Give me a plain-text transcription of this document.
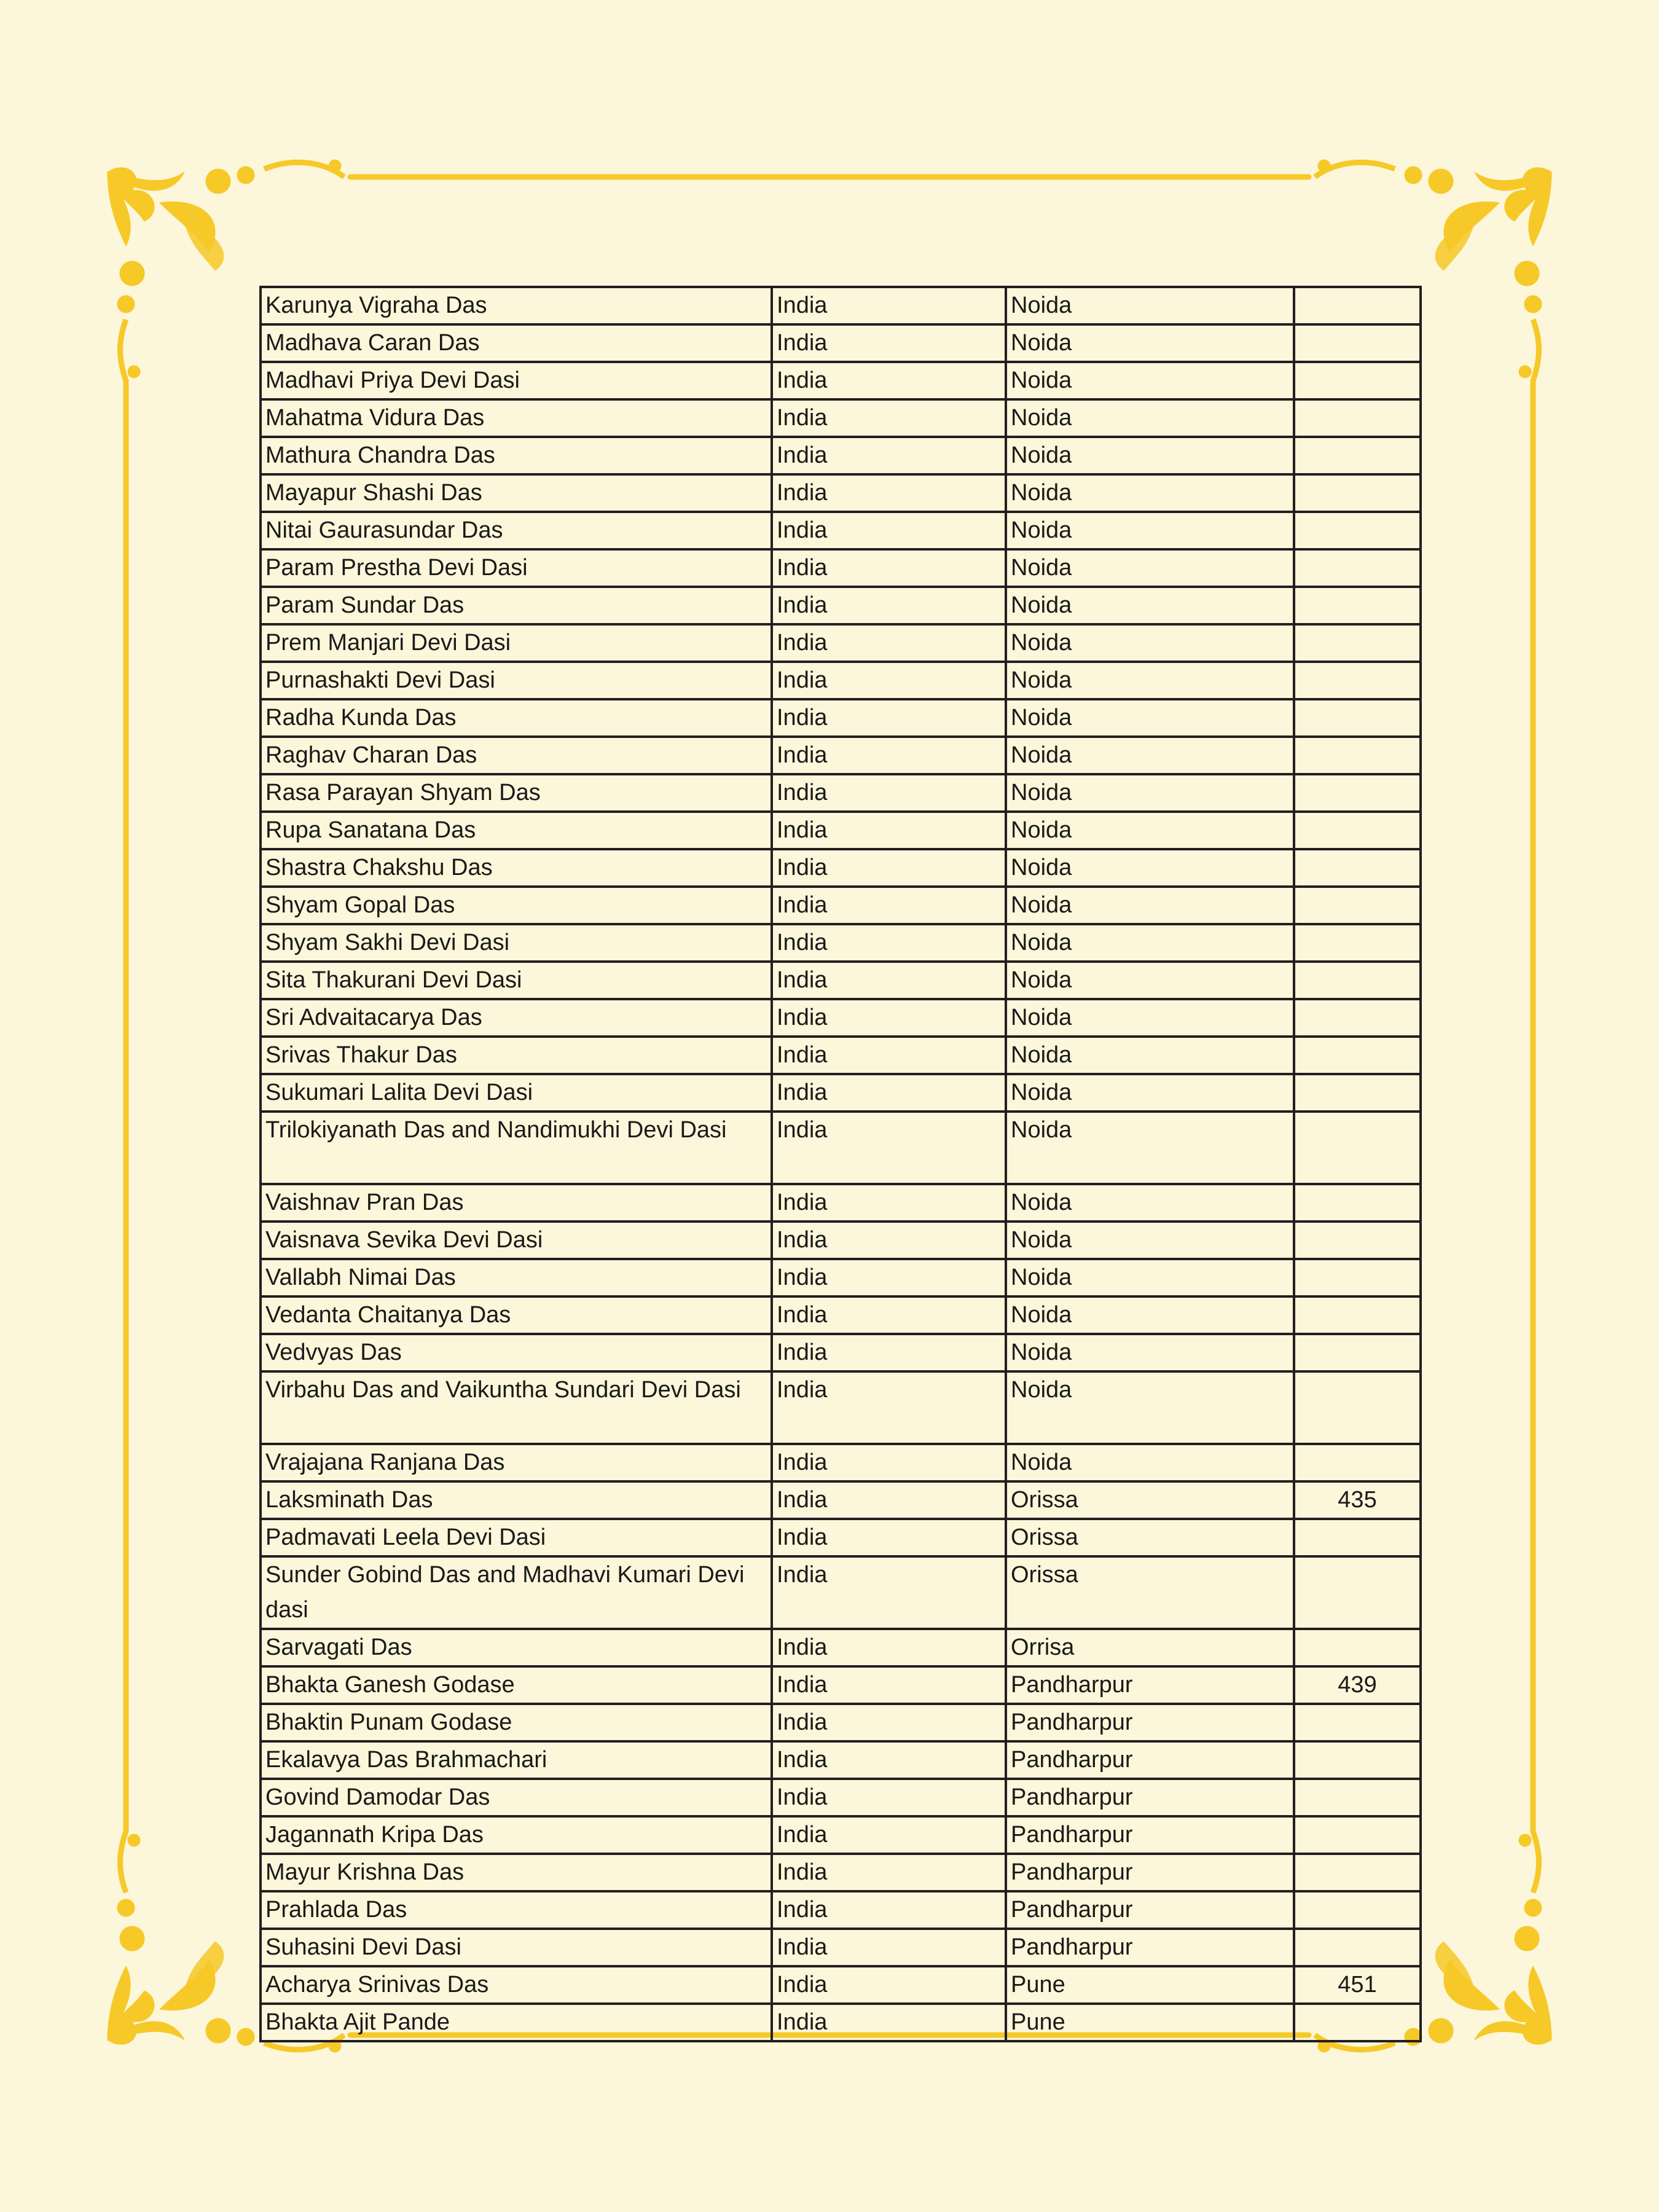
Karunya Vigraha Das	India	Noida	
Madhava Caran Das	India	Noida	
Madhavi Priya Devi Dasi	India	Noida	
Mahatma Vidura Das	India	Noida	
Mathura Chandra Das	India	Noida	
Mayapur Shashi Das	India	Noida	
Nitai Gaurasundar Das	India	Noida	
Param Prestha Devi Dasi	India	Noida	
Param Sundar Das	India	Noida	
Prem Manjari Devi Dasi	India	Noida	
Purnashakti Devi Dasi	India	Noida	
Radha Kunda Das	India	Noida	
Raghav Charan Das	India	Noida	
Rasa Parayan Shyam Das	India	Noida	
Rupa Sanatana Das	India	Noida	
Shastra Chakshu Das	India	Noida	
Shyam Gopal Das	India	Noida	
Shyam Sakhi Devi Dasi	India	Noida	
Sita Thakurani Devi Dasi	India	Noida	
Sri Advaitacarya Das	India	Noida	
Srivas Thakur Das	India	Noida	
Sukumari Lalita Devi Dasi	India	Noida	
Trilokiyanath Das and Nandimukhi Devi Dasi	India	Noida	
Vaishnav Pran Das	India	Noida	
Vaisnava Sevika Devi Dasi	India	Noida	
Vallabh Nimai Das	India	Noida	
Vedanta Chaitanya Das	India	Noida	
Vedvyas Das	India	Noida	
Virbahu Das and Vaikuntha Sundari Devi Dasi	India	Noida	
Vrajajana Ranjana Das	India	Noida	
Laksminath Das	India	Orissa	435
Padmavati Leela Devi Dasi	India	Orissa	
Sunder Gobind Das and Madhavi Kumari Devi dasi	India	Orissa	
Sarvagati Das	India	Orrisa	
Bhakta Ganesh Godase	India	Pandharpur	439
Bhaktin Punam Godase	India	Pandharpur	
Ekalavya Das Brahmachari	India	Pandharpur	
Govind Damodar Das	India	Pandharpur	
Jagannath Kripa Das	India	Pandharpur	
Mayur Krishna Das	India	Pandharpur	
Prahlada Das	India	Pandharpur	
Suhasini Devi Dasi	India	Pandharpur	
Acharya Srinivas Das	India	Pune	451
Bhakta Ajit Pande	India	Pune	
